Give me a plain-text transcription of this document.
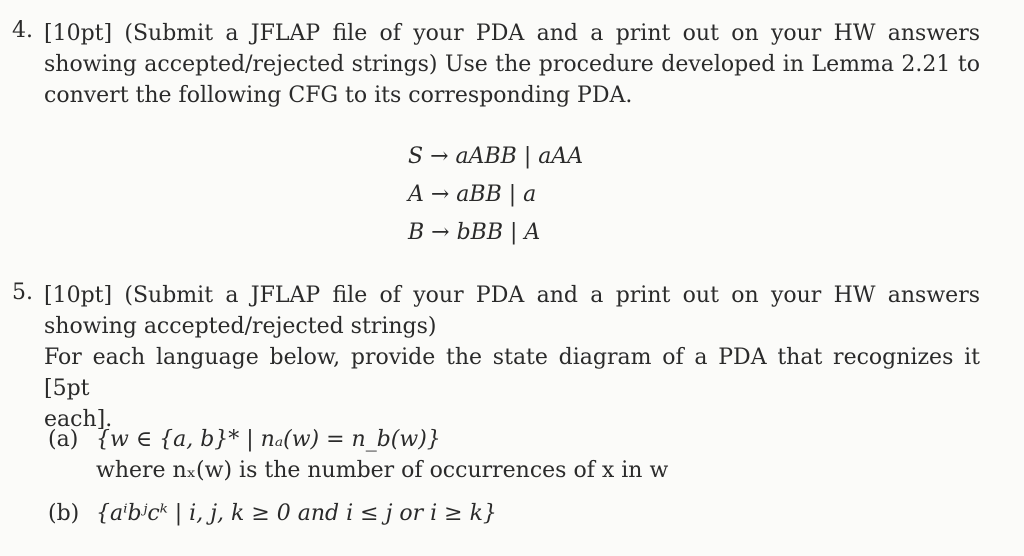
4. [10pt] (Submit a JFLAP file of your PDA and a print out on your HW answers
showing accepted/rejected strings) Use the procedure developed in Lemma 2.21 to
convert the following CFG to its corresponding PDA.
S → aABB | aAA
A → aBB | a
B → bBB | A
5. [10pt] (Submit a JFLAP file of your PDA and a print out on your HW answers
showing accepted/rejected strings)
For each language below, provide the state diagram of a PDA that recognizes it [5pt
each].
(a) {w ∈ {a, b}* | nₐ(w) = n_b(w)}
where nₓ(w) is the number of occurrences of x in w
(b) {aⁱbʲcᵏ | i, j, k ≥ 0 and i ≤ j or i ≥ k}
